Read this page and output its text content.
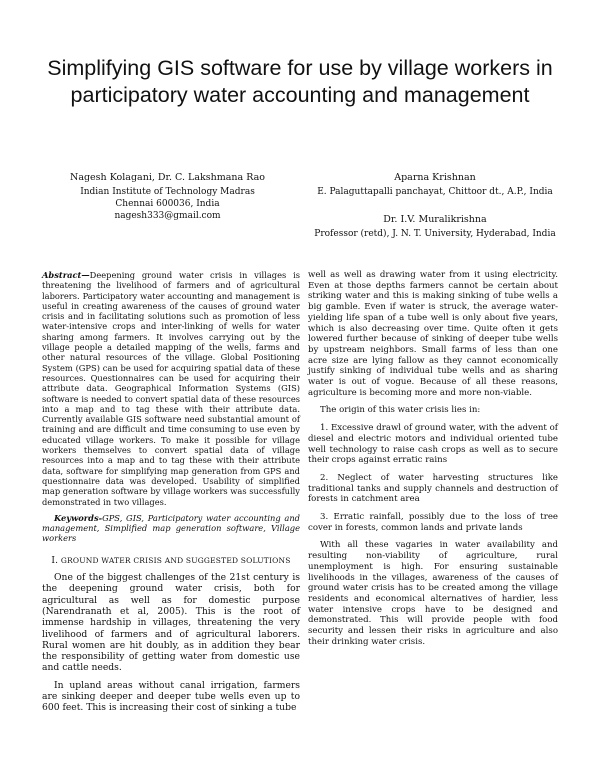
Simplifying GIS software for use by village workers in participatory water accounting and management
Nagesh Kolagani, Dr. C. Lakshmana Rao
Indian Institute of Technology Madras
Chennai 600036, India
nagesh333@gmail.com
Aparna Krishnan
E. Palaguttapalli panchayat, Chittoor dt., A.P., India
Dr. I.V. Muralikrishna
Professor (retd), J. N. T. University, Hyderabad, India

Abstract—Deepening ground water crisis in villages is threatening the livelihood of farmers and of agricultural laborers. Participatory water accounting and management is useful in creating awareness of the causes of ground water crisis and in facilitating solutions such as promotion of less water-intensive crops and inter-linking of wells for water sharing among farmers. It involves carrying out by the village people a detailed mapping of the wells, farms and other natural resources of the village. Global Positioning System (GPS) can be used for acquiring spatial data of these resources. Questionnaires can be used for acquiring their attribute data. Geographical Information Systems (GIS) software is needed to convert spatial data of these resources into a map and to tag these with their attribute data. Currently available GIS software need substantial amount of training and are difficult and time consuming to use even by educated village workers. To make it possible for village workers themselves to convert spatial data of village resources into a map and to tag these with their attribute data, software for simplifying map generation from GPS and questionnaire data was developed. Usability of simplified map generation software by village workers was successfully demonstrated in two villages.

Keywords-GPS, GIS, Participatory water accounting and management, Simplified map generation software, Village workers

I. GROUND WATER CRISIS AND SUGGESTED SOLUTIONS

One of the biggest challenges of the 21st century is the deepening ground water crisis, both for agricultural as well as for domestic purpose (Narendranath et al, 2005). This is the root of immense hardship in villages, threatening the very livelihood of farmers and of agricultural laborers. Rural women are hit doubly, as in addition they bear the responsibility of getting water from domestic use and cattle needs.

In upland areas without canal irrigation, farmers are sinking deeper and deeper tube wells even up to 600 feet. This is increasing their cost of sinking a tube

well as well as drawing water from it using electricity. Even at those depths farmers cannot be certain about striking water and this is making sinking of tube wells a big gamble. Even if water is struck, the average water-yielding life span of a tube well is only about five years, which is also decreasing over time. Quite often it gets lowered further because of sinking of deeper tube wells by upstream neighbors. Small farms of less than one acre size are lying fallow as they cannot economically justify sinking of individual tube wells and as sharing water is out of vogue. Because of all these reasons, agriculture is becoming more and more non-viable.

The origin of this water crisis lies in:

1. Excessive drawl of ground water, with the advent of diesel and electric motors and individual oriented tube well technology to raise cash crops as well as to secure their crops against erratic rains

2. Neglect of water harvesting structures like traditional tanks and supply channels and destruction of forests in catchment area

3. Erratic rainfall, possibly due to the loss of tree cover in forests, common lands and private lands

With all these vagaries in water availability and resulting non-viability of agriculture, rural unemployment is high. For ensuring sustainable livelihoods in the villages, awareness of the causes of ground water crisis has to be created among the village residents and economical alternatives of hardier, less water intensive crops have to be designed and demonstrated. This will provide people with food security and lessen their risks in agriculture and also their drinking water crisis.
